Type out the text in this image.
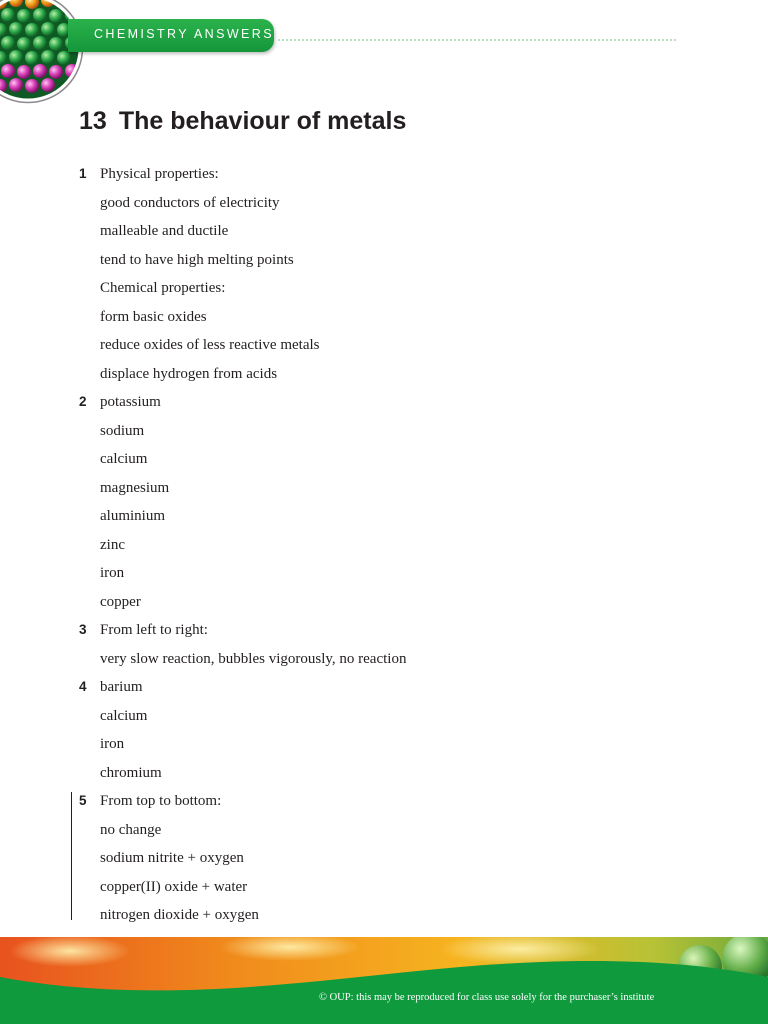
CHEMISTRY ANSWERS
13 The behaviour of metals
1 Physical properties:
good conductors of electricity
malleable and ductile
tend to have high melting points
Chemical properties:
form basic oxides
reduce oxides of less reactive metals
displace hydrogen from acids
2 potassium
sodium
calcium
magnesium
aluminium
zinc
iron
copper
3 From left to right:
very slow reaction, bubbles vigorously, no reaction
4 barium
calcium
iron
chromium
5 From top to bottom:
no change
sodium nitrite + oxygen
copper(II) oxide + water
nitrogen dioxide + oxygen
© OUP: this may be reproduced for class use solely for the purchaser’s institute
